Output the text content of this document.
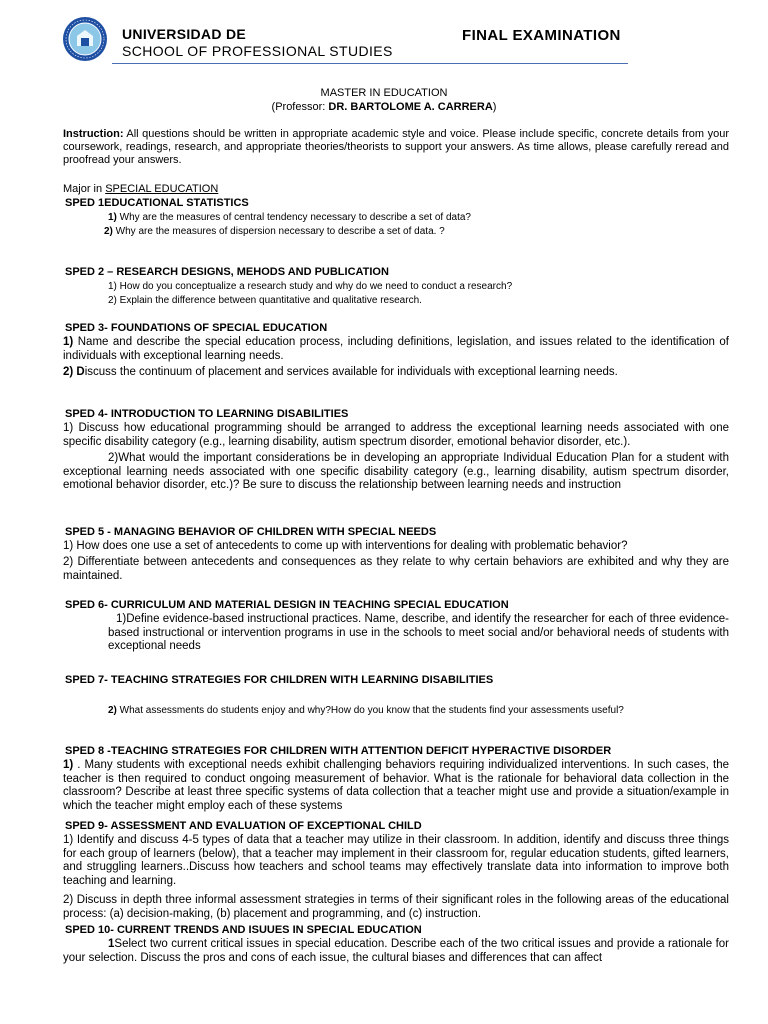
UNIVERSIDAD DE
SCHOOL OF PROFESSIONAL STUDIES
FINAL EXAMINATION
MASTER IN EDUCATION
(Professor: DR. BARTOLOME A. CARRERA)
Instruction: All questions should be written in appropriate academic style and voice. Please include specific, concrete details from your coursework, readings, research, and appropriate theories/theorists to support your answers. As time allows, please carefully reread and proofread your answers.
Major in SPECIAL EDUCATION
SPED 1EDUCATIONAL STATISTICS
1) Why are the measures of central tendency necessary to describe a set of data?
2) Why are the measures of dispersion necessary to describe a set of data. ?
SPED 2 – RESEARCH DESIGNS, MEHODS AND PUBLICATION
1) How do you conceptualize a research study and why do we need to conduct a research?
2) Explain the difference between quantitative and qualitative research.
SPED 3- FOUNDATIONS OF SPECIAL EDUCATION
1) Name and describe the special education process, including definitions, legislation, and issues related to the identification of individuals with exceptional learning needs.
2) Discuss the continuum of placement and services available for individuals with exceptional learning needs.
SPED 4- INTRODUCTION TO LEARNING DISABILITIES
1) Discuss how educational programming should be arranged to address the exceptional learning needs associated with one specific disability category (e.g., learning disability, autism spectrum disorder, emotional behavior disorder, etc.).
2)What would the important considerations be in developing an appropriate Individual Education Plan for a student with exceptional learning needs associated with one specific disability category (e.g., learning disability, autism spectrum disorder, emotional behavior disorder, etc.)? Be sure to discuss the relationship between learning needs and instruction
SPED 5 - MANAGING BEHAVIOR OF CHILDREN WITH SPECIAL NEEDS
1) How does one use a set of antecedents to come up with interventions for dealing with problematic behavior?
2) Differentiate between antecedents and consequences as they relate to why certain behaviors are exhibited and why they are maintained.
SPED 6- CURRICULUM AND MATERIAL DESIGN IN TEACHING SPECIAL EDUCATION
1)Define evidence-based instructional practices. Name, describe, and identify the researcher for each of three evidence-based instructional or intervention programs in use in the schools to meet social and/or behavioral needs of students with exceptional needs
SPED 7- TEACHING STRATEGIES FOR CHILDREN WITH LEARNING DISABILITIES
2) What assessments do students enjoy and why?How do you know that the students find your assessments useful?
SPED 8 -TEACHING STRATEGIES FOR CHILDREN WITH ATTENTION DEFICIT HYPERACTIVE DISORDER
1) . Many students with exceptional needs exhibit challenging behaviors requiring individualized interventions. In such cases, the teacher is then required to conduct ongoing measurement of behavior. What is the rationale for behavioral data collection in the classroom? Describe at least three specific systems of data collection that a teacher might use and provide a situation/example in which the teacher might employ each of these systems
SPED 9- ASSESSMENT AND EVALUATION OF EXCEPTIONAL CHILD
1) Identify and discuss 4-5 types of data that a teacher may utilize in their classroom. In addition, identify and discuss three things for each group of learners (below), that a teacher may implement in their classroom for, regular education students, gifted learners, and struggling learners..Discuss how teachers and school teams may effectively translate data into information to improve both teaching and learning.
2) Discuss in depth three informal assessment strategies in terms of their significant roles in the following areas of the educational process: (a) decision-making, (b) placement and programming, and (c) instruction.
SPED 10- CURRENT TRENDS AND ISUUES IN SPECIAL EDUCATION
1Select two current critical issues in special education. Describe each of the two critical issues and provide a rationale for your selection. Discuss the pros and cons of each issue, the cultural biases and differences that can affect
